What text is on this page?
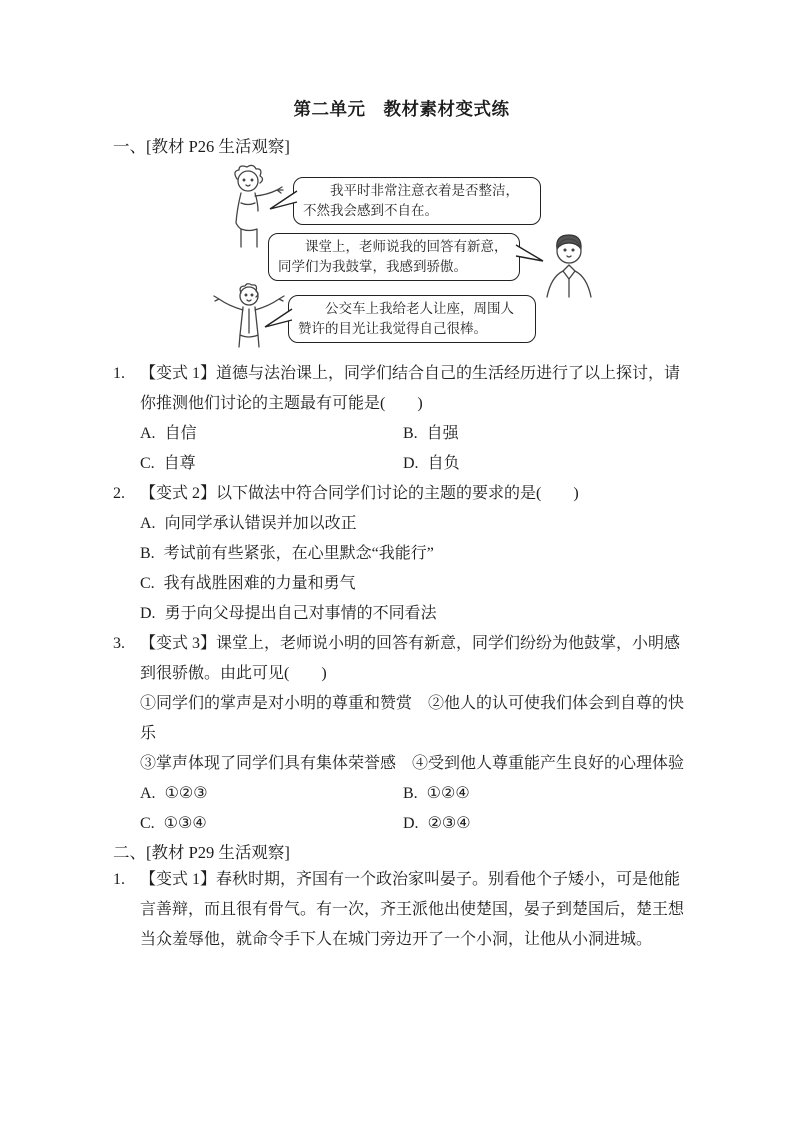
第二单元　教材素材变式练
一、[教材 P26 生活观察]

我平时非常注意衣着是否整洁，不然我会感到不自在。

课堂上，老师说我的回答有新意，同学们为我鼓掌，我感到骄傲。

公交车上我给老人让座，周围人赞许的目光让我觉得自己很棒。

1. 【变式 1】道德与法治课上，同学们结合自己的生活经历进行了以上探讨，请你推测他们讨论的主题最有可能是(　　)

A. 自信	B. 自强
C. 自尊	D. 自负
2. 【变式 2】以下做法中符合同学们讨论的主题的要求的是(　　)

A. 向同学承认错误并加以改正
B. 考试前有些紧张，在心里默念“我能行”
C. 我有战胜困难的力量和勇气
D. 勇于向父母提出自己对事情的不同看法
3. 【变式 3】课堂上，老师说小明的回答有新意，同学们纷纷为他鼓掌，小明感到很骄傲。由此可见(　　)

①同学们的掌声是对小明的尊重和赞赏　②他人的认可使我们体会到自尊的快乐

③掌声体现了同学们具有集体荣誉感　④受到他人尊重能产生良好的心理体验

A. ①②③	B. ①②④
C. ①③④	D. ②③④
二、[教材 P29 生活观察]
1. 【变式 1】春秋时期，齐国有一个政治家叫晏子。别看他个子矮小，可是他能言善辩，而且很有骨气。有一次，齐王派他出使楚国，晏子到楚国后，楚王想当众羞辱他，就命令手下人在城门旁边开了一个小洞，让他从小洞进城。
